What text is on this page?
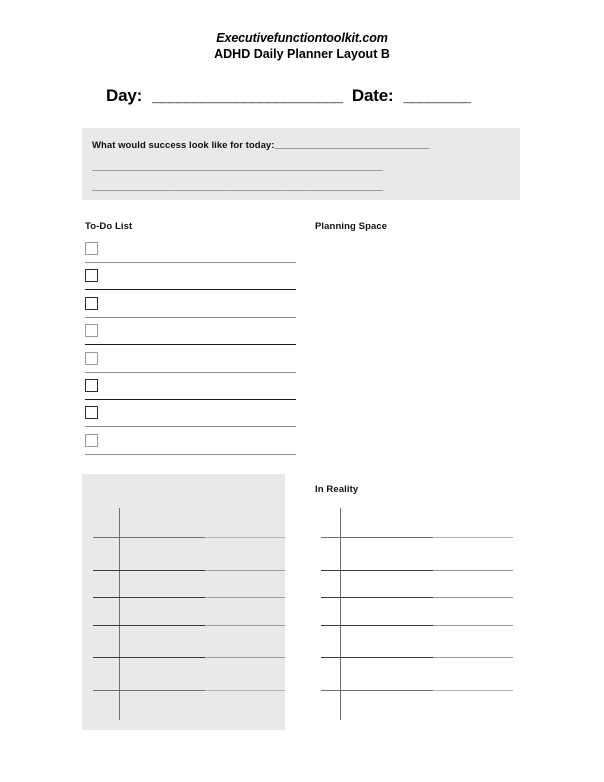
Executivefunctiontoolkit.com
ADHD Daily Planner Layout B
Day: _______________________ Date: ________
What would success look like for today:_________________________________
______________________________________________________________
______________________________________________________________
To-Do List	Planning Space
In Reality
